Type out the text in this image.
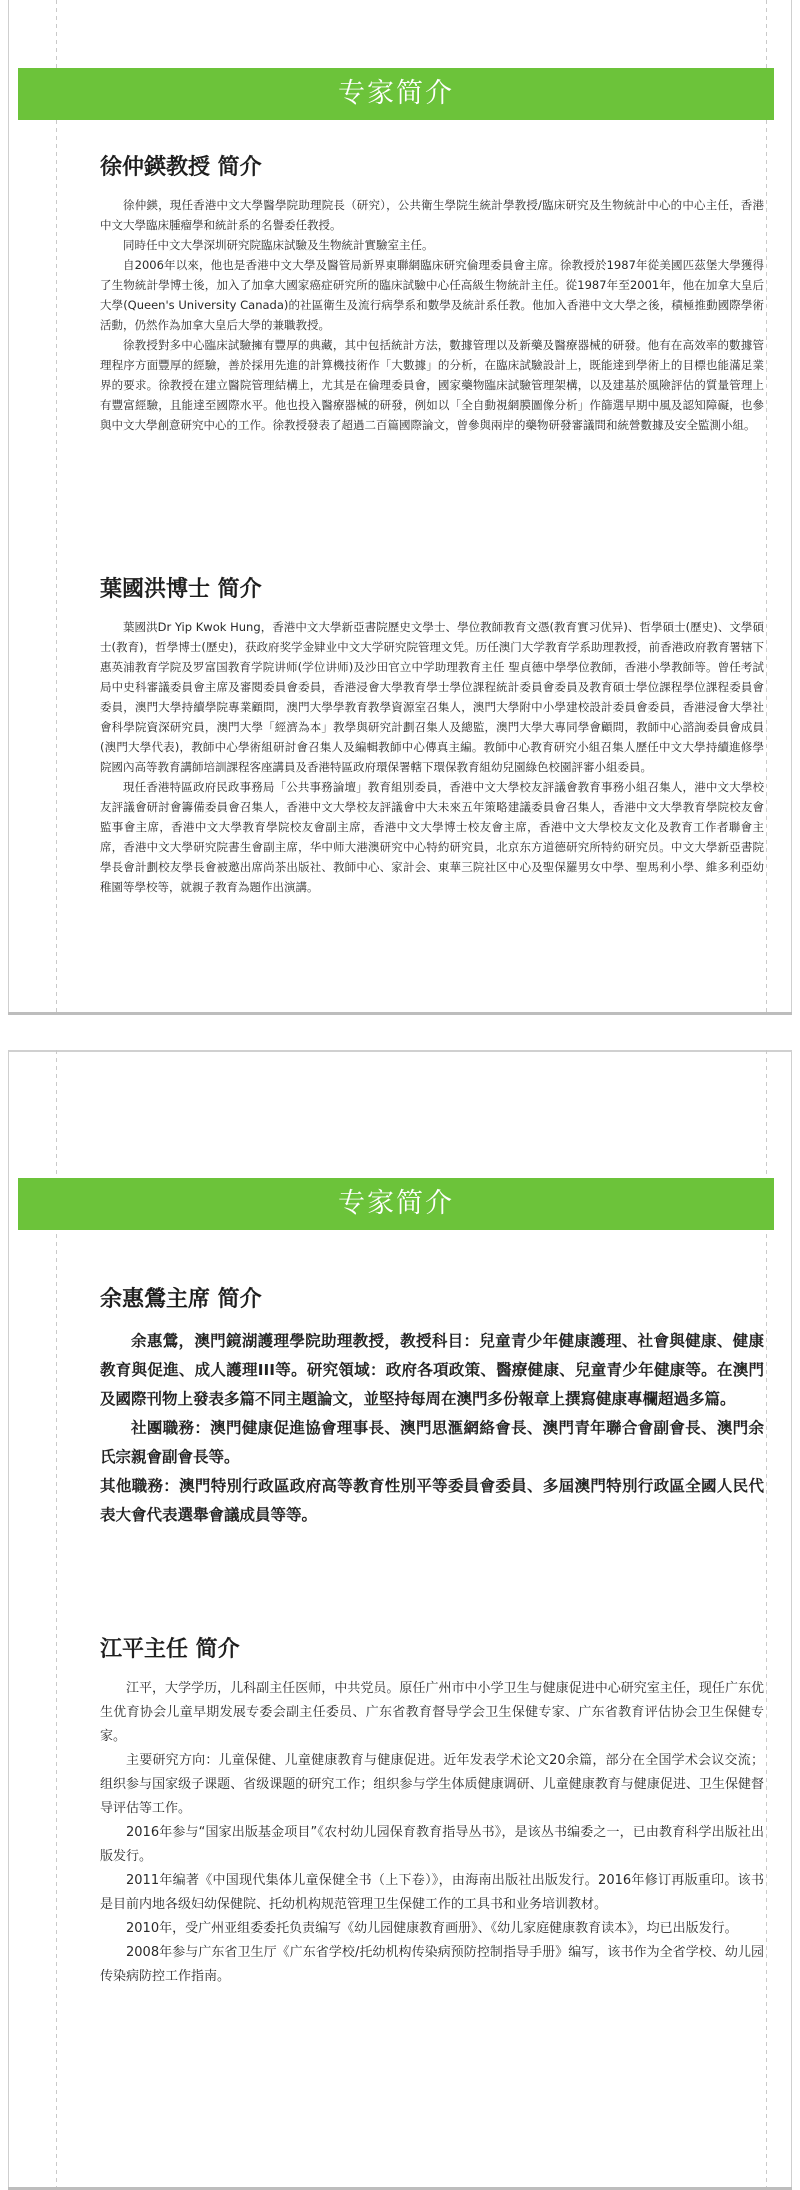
专家简介
徐仲鍈教授 简介

徐仲鍈，現任香港中文大學醫學院助理院長（研究），公共衛生學院生統計學教授/臨床研究及生物統計中心的中心主任，香港中文大學臨床腫瘤學和統計系的名譽委任教授。

同時任中文大學深圳研究院臨床試驗及生物統計實驗室主任。

自2006年以來，他也是香港中文大學及醫管局新界東聯網臨床研究倫理委員會主席。徐教授於1987年從美國匹茲堡大學獲得了生物統計學博士後，加入了加拿大國家癌症研究所的臨床試驗中心任高級生物統計主任。從1987年至2001年，他在加拿大皇后大學(Queen's University Canada)的社區衛生及流行病學系和數學及統計系任教。他加入香港中文大學之後，積極推動國際學術活動，仍然作為加拿大皇后大學的兼職教授。

徐教授對多中心臨床試驗擁有豐厚的典藏，其中包括統計方法，數據管理以及新藥及醫療器械的研發。他有在高效率的數據管理程序方面豐厚的經驗，善於採用先進的計算機技術作「大數據」的分析，在臨床試驗設計上，既能達到學術上的目標也能滿足業界的要求。徐教授在建立醫院管理結構上，尤其是在倫理委員會，國家藥物臨床試驗管理架構，以及建基於風險評估的質量管理上有豐富經驗，且能達至國際水平。他也投入醫療器械的研發，例如以「全自動視網膜圖像分析」作篩選早期中風及認知障礙，也參與中文大學創意研究中心的工作。徐教授發表了超過二百篇國際論文，曾參與兩岸的藥物研發審議問和統營數據及安全監測小組。

葉國洪博士 简介

葉國洪Dr Yip Kwok Hung，香港中文大學新亞書院歷史文學士、學位教師教育文憑(教育實习优异)、哲學碩士(歷史)、文學碩士(教育)，哲學博士(歷史)，获政府奖学金肄业中文大学研究院管理文凭。历任澳门大学教育学系助理教授，前香港政府教育署辖下惠英浦教育学院及罗富国教育学院讲师(学位讲师)及沙田官立中学助理教育主任 聖貞德中學學位教師，香港小學教師等。曾任考試局中史科審議委員會主席及審閱委員會委員，香港浸會大學教育學士學位課程統計委員會委員及教育碩士學位課程學位課程委員會委員，澳門大學持續學院專業顧問，澳門大學學教育教學資源室召集人，澳門大學附中小學建校設計委員會委員，香港浸會大學社會科學院資深研究員，澳門大學「經濟為本」教學與研究計劃召集人及總監，澳門大學大專同學會顧問，教師中心諮詢委員會成員(澳門大學代表)，教師中心學術組研討會召集人及編輯教師中心傳真主編。教師中心教育研究小組召集人歷任中文大學持續進修學院國內高等教育講師培訓課程客座講員及香港特區政府環保署轄下環保教育組幼兒園綠色校園評審小組委員。

現任香港特區政府民政事務局「公共事務論壇」教育組別委員，香港中文大學校友評議會教育事務小組召集人，港中文大學校友評議會研討會籌備委員會召集人，香港中文大學校友評議會中大未來五年策略建議委員會召集人，香港中文大學教育學院校友會監事會主席，香港中文大學教育學院校友會副主席，香港中文大學博士校友會主席，香港中文大學校友文化及教育工作者聯會主席，香港中文大學研究院書生會副主席，华中师大港澳研究中心特約研究員，北京东方道德研究所特約研究员。中文大學新亞書院學長會計劃校友學長會被邀出席尚茶出版社、教師中心、家計会、東華三院社区中心及聖保羅男女中學、聖馬利小學、維多利亞幼稚園等學校等，就親子教育為題作出演講。

专家简介
余惠鶯主席 简介

余惠鶯，澳門鏡湖護理學院助理教授，教授科目：兒童青少年健康護理、社會與健康、健康教育與促進、成人護理III等。研究領域：政府各項政策、醫療健康、兒童青少年健康等。在澳門及國際刊物上發表多篇不同主題論文，並堅持每周在澳門多份報章上撰寫健康專欄超過多篇。

社團職務：澳門健康促進協會理事長、澳門思滙網絡會長、澳門青年聯合會副會長、澳門余氏宗親會副會長等。

其他職務：澳門特別行政區政府高等教育性別平等委員會委員、多屆澳門特別行政區全國人民代表大會代表選舉會議成員等等。

江平主任 简介

江平，大学学历，儿科副主任医师，中共党员。原任广州市中小学卫生与健康促进中心研究室主任，现任广东优生优育协会儿童早期发展专委会副主任委员、广东省教育督导学会卫生保健专家、广东省教育评估协会卫生保健专家。

主要研究方向：儿童保健、儿童健康教育与健康促进。近年发表学术论文20余篇，部分在全国学术会议交流；组织参与国家级子课题、省级课题的研究工作；组织参与学生体质健康调研、儿童健康教育与健康促进、卫生保健督导评估等工作。

2016年参与“国家出版基金项目”《农村幼儿园保育教育指导丛书》，是该丛书编委之一，已由教育科学出版社出版发行。

2011年编著《中国现代集体儿童保健全书（上下卷）》，由海南出版社出版发行。2016年修订再版重印。该书是目前内地各级妇幼保健院、托幼机构规范管理卫生保健工作的工具书和业务培训教材。

2010年，受广州亚组委委托负责编写《幼儿园健康教育画册》、《幼儿家庭健康教育读本》，均已出版发行。

2008年参与广东省卫生厅《广东省学校/托幼机构传染病预防控制指导手册》编写，该书作为全省学校、幼儿园传染病防控工作指南。
